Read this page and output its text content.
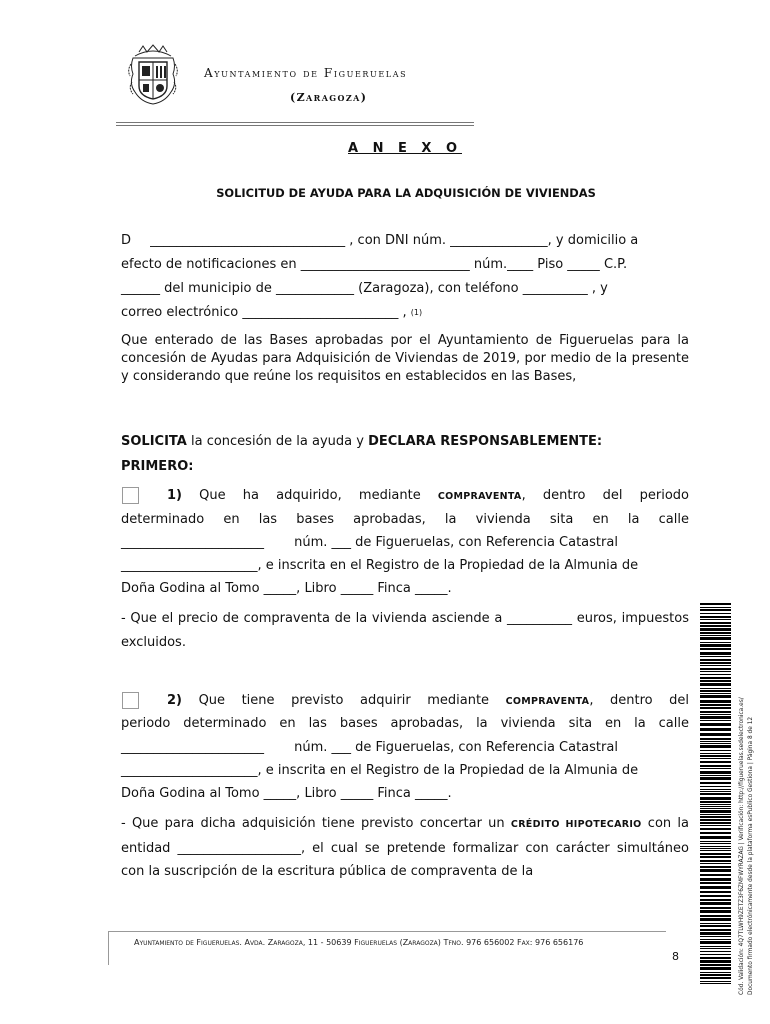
Ayuntamiento de Figueruelas
(Zaragoza)
A N E X O
SOLICITUD DE AYUDA PARA LA ADQUISICIÓN DE VIVIENDAS
D ______________________________ , con DNI núm. _______________, y domicilio a
efecto de notificaciones en __________________________ núm.____ Piso _____ C.P.
______ del municipio de ____________ (Zaragoza), con teléfono __________ , y
correo electrónico ________________________ , $^{(1)}$
Que enterado de las Bases aprobadas por el Ayuntamiento de Figueruelas para la concesión de Ayudas para Adquisición de Viviendas de 2019, por medio de la presente y considerando que reúne los requisitos en establecidos en las Bases,
SOLICITA la concesión de la ayuda y DECLARA RESPONSABLEMENTE:
PRIMERO:
1) Que ha adquirido, mediante COMPRAVENTA, dentro del periodo
determinado en las bases aprobadas, la vivienda sita en la calle
______________________ núm. ___ de Figueruelas, con Referencia Catastral
_____________________, e inscrita en el Registro de la Propiedad de la Almunia de
Doña Godina al Tomo _____, Libro _____ Finca _____.
- Que el precio de compraventa de la vivienda asciende a __________ euros, impuestos excluidos.
2) Que tiene previsto adquirir mediante COMPRAVENTA, dentro del
periodo determinado en las bases aprobadas, la vivienda sita en la calle
______________________ núm. ___ de Figueruelas, con Referencia Catastral
_____________________, e inscrita en el Registro de la Propiedad de la Almunia de
Doña Godina al Tomo _____, Libro _____ Finca _____.
- Que para dicha adquisición tiene previsto concertar un CRÉDITO HIPOTECARIO con la entidad ___________________, el cual se pretende formalizar con carácter simultáneo con la suscripción de la escritura pública de compraventa de la
Ayuntamiento de Figueruelas. Avda. Zaragoza, 11 - 50639 Figueruelas (Zaragoza) Tfno. 976 656002 Fax: 976 656176
8	Cód. Validación: 4Q7TLWH9ZETZ3F6ZMFWYRAZAG | Verificación: http://figueruelas.sedelectronica.es/ Documento firmado electrónicamente desde la plataforma esPublico Gestiona | Página 8 de 12
